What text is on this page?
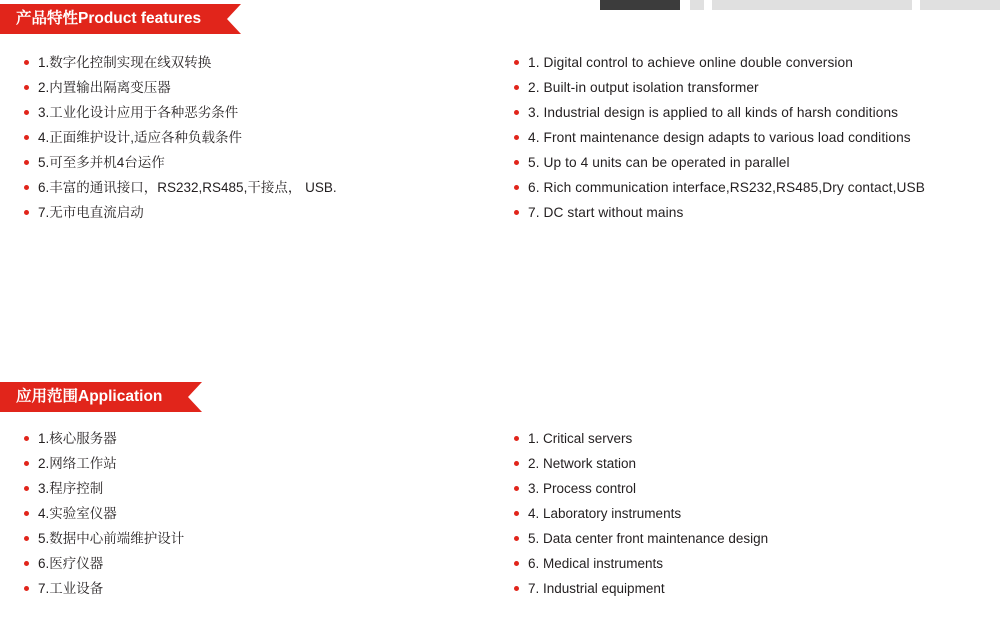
产品特性Product features
1.数字化控制实现在线双转换
2.内置输出隔离变压器
3.工业化设计应用于各种恶劣条件
4.正面维护设计,适应各种负载条件
5.可至多并机4台运作
6.丰富的通讯接口，RS232,RS485,干接点， USB.
7.无市电直流启动
1. Digital control to achieve online double conversion
2. Built-in output isolation transformer
3. Industrial design is applied to all kinds of harsh conditions
4. Front maintenance design adapts to various load conditions
5. Up to 4 units can be operated in parallel
6. Rich communication interface,RS232,RS485,Dry contact,USB
7. DC start without mains
应用范围Application
1.核心服务器
2.网络工作站
3.程序控制
4.实验室仪器
5.数据中心前端维护设计
6.医疗仪器
7.工业设备
1. Critical servers
2. Network station
3. Process control
4. Laboratory instruments
5. Data center front maintenance design
6. Medical instruments
7. Industrial equipment
